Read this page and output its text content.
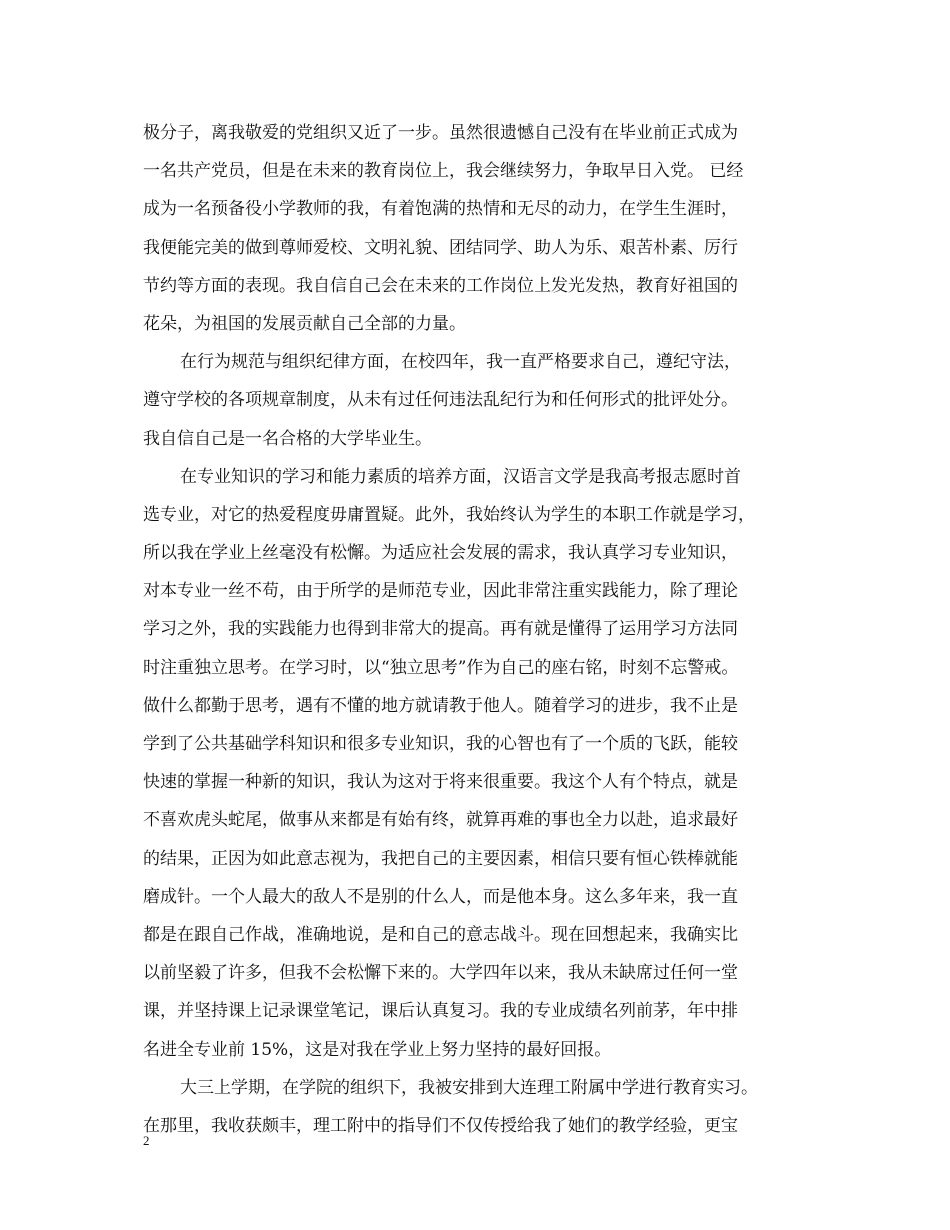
极分子，离我敬爱的党组织又近了一步。虽然很遗憾自己没有在毕业前正式成为
一名共产党员，但是在未来的教育岗位上，我会继续努力，争取早日入党。 已经
成为一名预备役小学教师的我，有着饱满的热情和无尽的动力，在学生生涯时，
我便能完美的做到尊师爱校、文明礼貌、团结同学、助人为乐、艰苦朴素、厉行
节约等方面的表现。我自信自己会在未来的工作岗位上发光发热，教育好祖国的
花朵，为祖国的发展贡献自己全部的力量。
在行为规范与组织纪律方面，在校四年，我一直严格要求自己，遵纪守法，
遵守学校的各项规章制度，从未有过任何违法乱纪行为和任何形式的批评处分。
我自信自己是一名合格的大学毕业生。
在专业知识的学习和能力素质的培养方面，汉语言文学是我高考报志愿时首
选专业，对它的热爱程度毋庸置疑。此外，我始终认为学生的本职工作就是学习，
所以我在学业上丝毫没有松懈。为适应社会发展的需求，我认真学习专业知识，
对本专业一丝不苟，由于所学的是师范专业，因此非常注重实践能力，除了理论
学习之外，我的实践能力也得到非常大的提高。再有就是懂得了运用学习方法同
时注重独立思考。在学习时，以“独立思考”作为自己的座右铭，时刻不忘警戒。
做什么都勤于思考，遇有不懂的地方就请教于他人。随着学习的进步，我不止是
学到了公共基础学科知识和很多专业知识，我的心智也有了一个质的飞跃，能较
快速的掌握一种新的知识，我认为这对于将来很重要。我这个人有个特点，就是
不喜欢虎头蛇尾，做事从来都是有始有终，就算再难的事也全力以赴，追求最好
的结果，正因为如此意志视为，我把自己的主要因素，相信只要有恒心铁棒就能
磨成针。一个人最大的敌人不是别的什么人，而是他本身。这么多年来，我一直
都是在跟自己作战，准确地说，是和自己的意志战斗。现在回想起来，我确实比
以前坚毅了许多，但我不会松懈下来的。大学四年以来，我从未缺席过任何一堂
课，并坚持课上记录课堂笔记，课后认真复习。我的专业成绩名列前茅，年中排
名进全专业前 15%，这是对我在学业上努力坚持的最好回报。
大三上学期，在学院的组织下，我被安排到大连理工附属中学进行教育实习。
在那里，我收获颇丰，理工附中的指导们不仅传授给我了她们的教学经验，更宝
2
